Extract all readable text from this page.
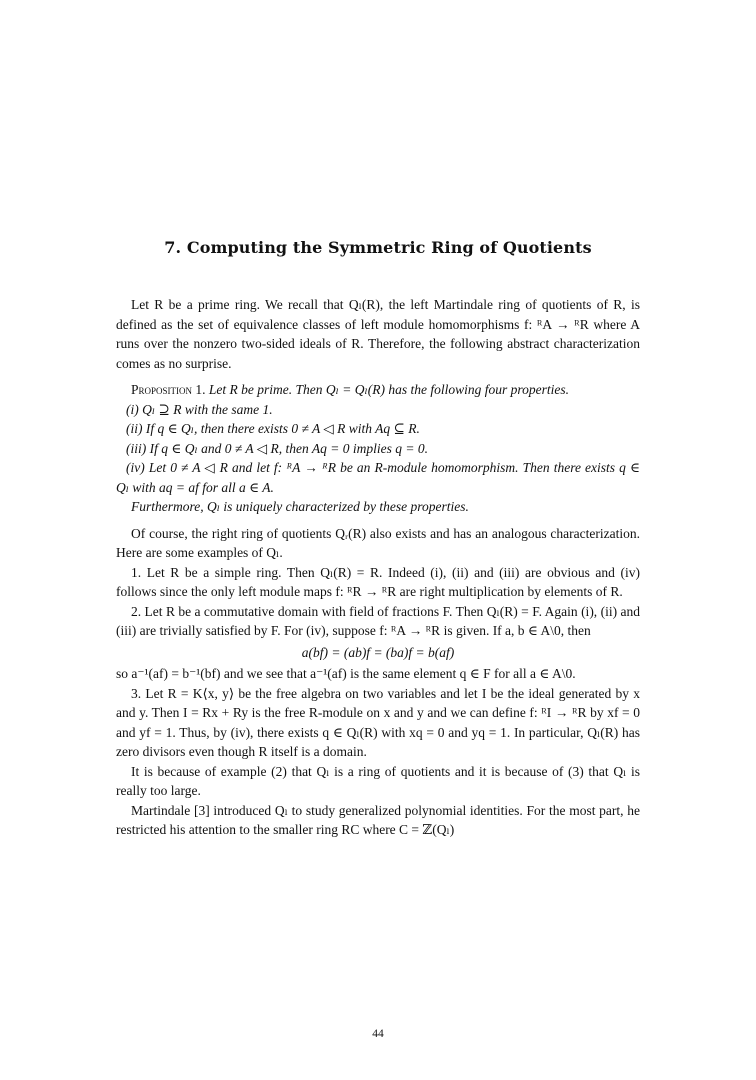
7. Computing the Symmetric Ring of Quotients

Let R be a prime ring. We recall that Qₗ(R), the left Martindale ring of quotients of R, is defined as the set of equivalence classes of left module homomorphisms f: ᴿA → ᴿR where A runs over the nonzero two-sided ideals of R. Therefore, the following abstract characterization comes as no surprise.

Proposition 1. Let R be prime. Then Qₗ = Qₗ(R) has the following four properties.

(i) Qₗ ⊇ R with the same 1.

(ii) If q ∈ Qₗ, then there exists 0 ≠ A ◁ R with Aq ⊆ R.

(iii) If q ∈ Qₗ and 0 ≠ A ◁ R, then Aq = 0 implies q = 0.

(iv) Let 0 ≠ A ◁ R and let f: ᴿA → ᴿR be an R-module homomorphism. Then there exists q ∈ Qₗ with aq = af for all a ∈ A.

Furthermore, Qₗ is uniquely characterized by these properties.

Of course, the right ring of quotients Qᵣ(R) also exists and has an analogous characterization. Here are some examples of Qₗ.

1. Let R be a simple ring. Then Qₗ(R) = R. Indeed (i), (ii) and (iii) are obvious and (iv) follows since the only left module maps f: ᴿR → ᴿR are right multiplication by elements of R.

2. Let R be a commutative domain with field of fractions F. Then Qₗ(R) = F. Again (i), (ii) and (iii) are trivially satisfied by F. For (iv), suppose f: ᴿA → ᴿR is given. If a, b ∈ A\0, then

a(bf) = (ab)f = (ba)f = b(af)

so a⁻¹(af) = b⁻¹(bf) and we see that a⁻¹(af) is the same element q ∈ F for all a ∈ A\0.

3. Let R = K⟨x, y⟩ be the free algebra on two variables and let I be the ideal generated by x and y. Then I = Rx + Ry is the free R-module on x and y and we can define f: ᴿI → ᴿR by xf = 0 and yf = 1. Thus, by (iv), there exists q ∈ Qₗ(R) with xq = 0 and yq = 1. In particular, Qₗ(R) has zero divisors even though R itself is a domain.

It is because of example (2) that Qₗ is a ring of quotients and it is because of (3) that Qₗ is really too large.

Martindale [3] introduced Qₗ to study generalized polynomial identities. For the most part, he restricted his attention to the smaller ring RC where C = ℤ(Qₗ)

44
